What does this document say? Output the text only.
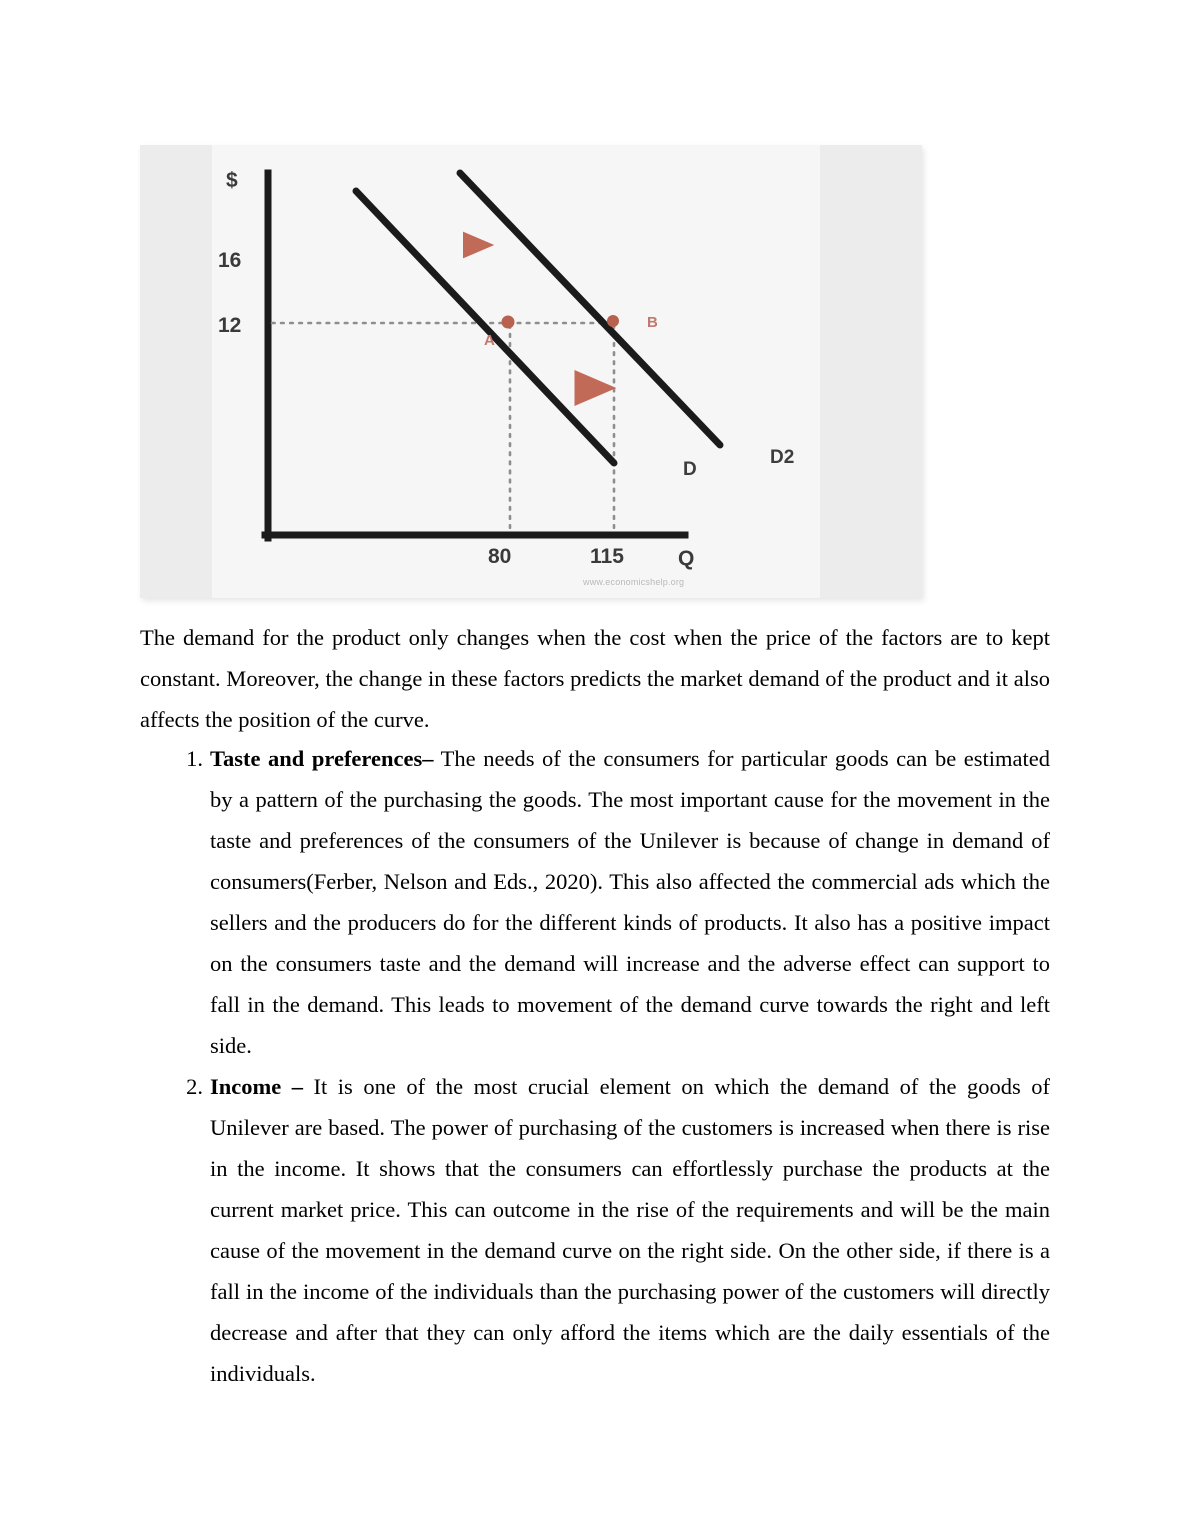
$
16
12
80	115	Q
A
B
D
D2
www.economicshelp.org

The demand for the product only changes when the cost when the price of the factors are to kept constant. Moreover, the change in these factors predicts the market demand of the product and it also affects the position of the curve.

1. Taste and preferences– The needs of the consumers for particular goods can be estimated by a pattern of the purchasing the goods. The most important cause for the movement in the taste and preferences of the consumers of the Unilever is because of change in demand of consumers(Ferber, Nelson and Eds., 2020). This also affected the commercial ads which the sellers and the producers do for the different kinds of products. It also has a positive impact on the consumers taste and the demand will increase and the adverse effect can support to fall in the demand. This leads to movement of the demand curve towards the right and left side.
2. Income – It is one of the most crucial element on which the demand of the goods of Unilever are based. The power of purchasing of the customers is increased when there is rise in the income. It shows that the consumers can effortlessly purchase the products at the current market price. This can outcome in the rise of the requirements and will be the main cause of the movement in the demand curve on the right side. On the other side, if there is a fall in the income of the individuals than the purchasing power of the customers will directly decrease and after that they can only afford the items which are the daily essentials of the individuals.
